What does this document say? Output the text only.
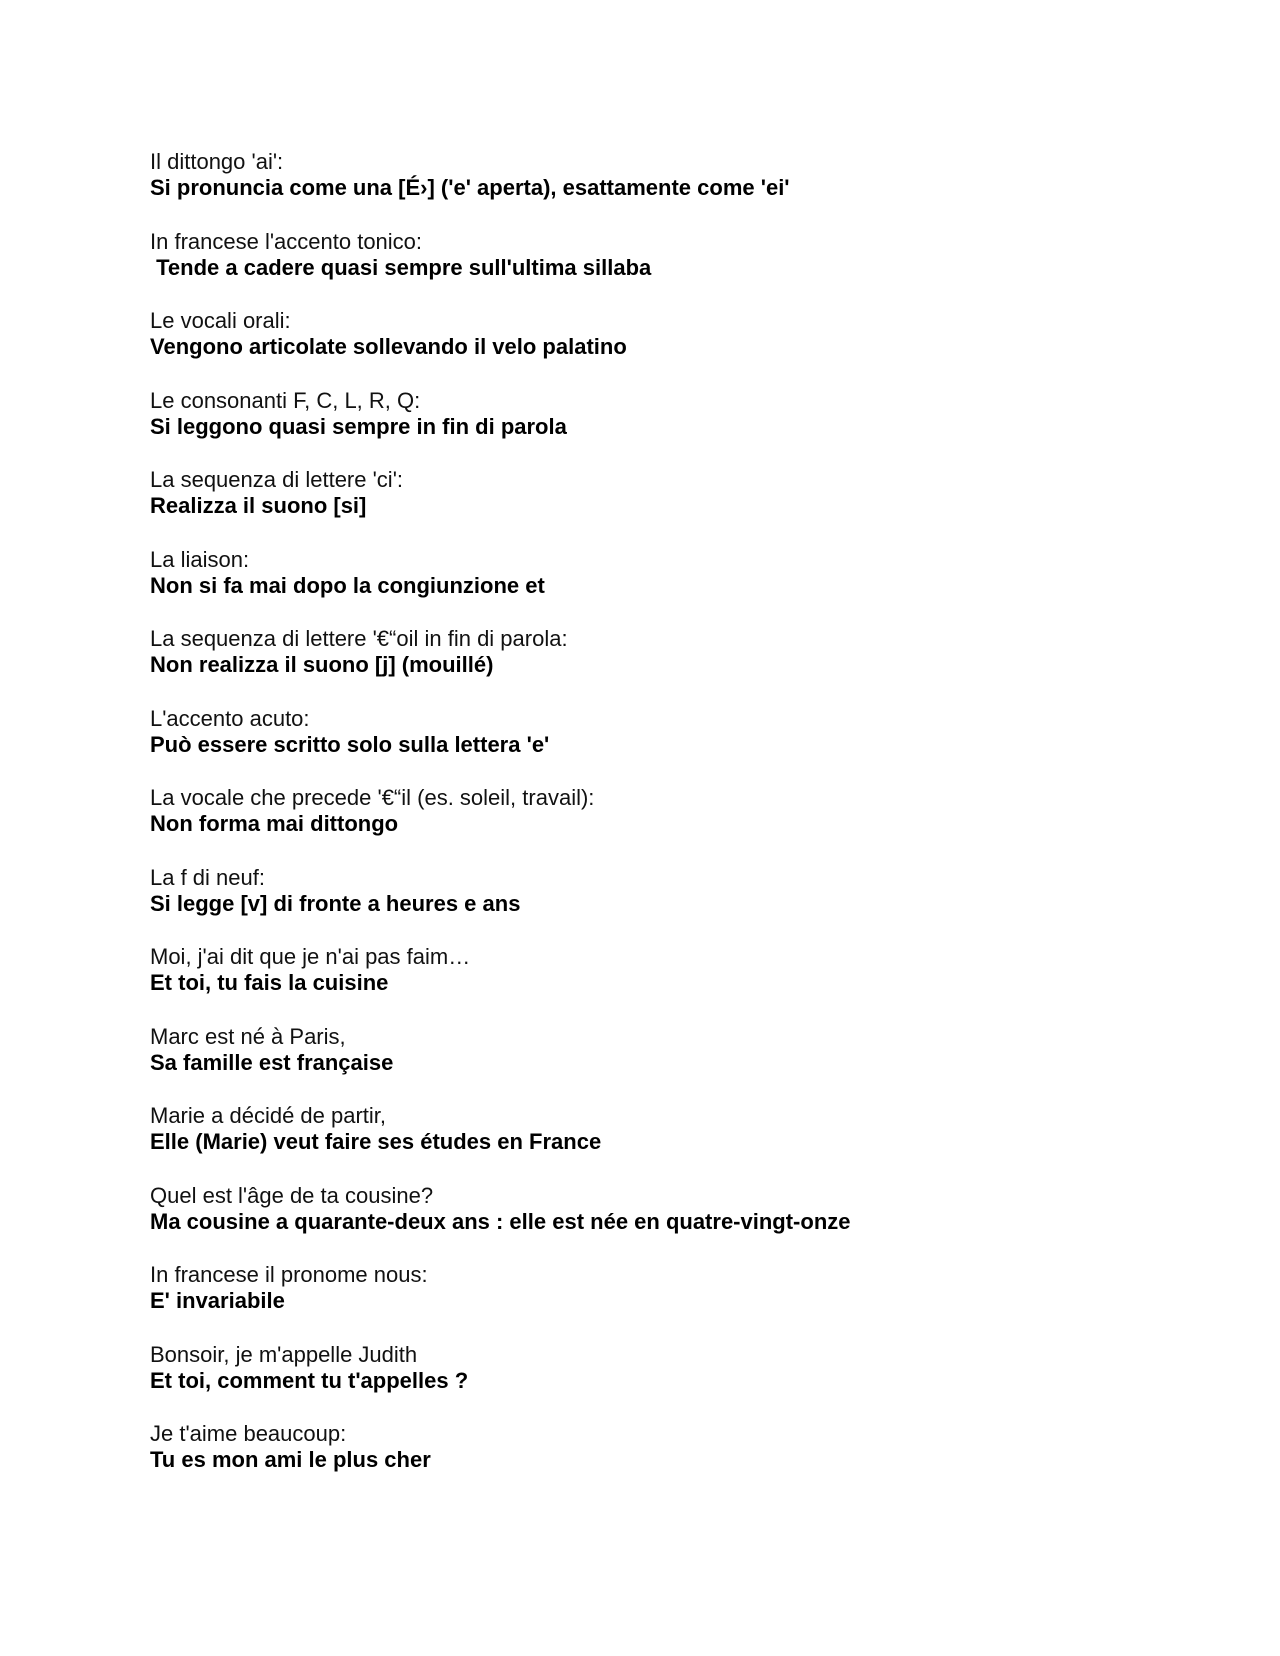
Il dittongo 'ai':
Si pronuncia come una [É›] ('e' aperta), esattamente come 'ei'
In francese l'accento tonico:
Tende a cadere quasi sempre sull'ultima sillaba
Le vocali orali:
Vengono articolate sollevando il velo palatino
Le consonanti F, C, L, R, Q:
Si leggono quasi sempre in fin di parola
La sequenza di lettere 'ci':
Realizza il suono [si]
La liaison:
Non si fa mai dopo la congiunzione et
La sequenza di lettere '€“oil in fin di parola:
Non realizza il suono [j] (mouillé)
L'accento acuto:
Può essere scritto solo sulla lettera 'e'
La vocale che precede '€“il (es. soleil, travail):
Non forma mai dittongo
La f di neuf:
Si legge [v] di fronte a heures e ans
Moi, j'ai dit que je n'ai pas faim…
Et toi, tu fais la cuisine
Marc est né à Paris,
Sa famille est française
Marie a décidé de partir,
Elle (Marie) veut faire ses études en France
Quel est l'âge de ta cousine?
Ma cousine a quarante-deux ans : elle est née en quatre-vingt-onze
In francese il pronome nous:
E' invariabile
Bonsoir, je m'appelle Judith
Et toi, comment tu t'appelles ?
Je t'aime beaucoup:
Tu es mon ami le plus cher
